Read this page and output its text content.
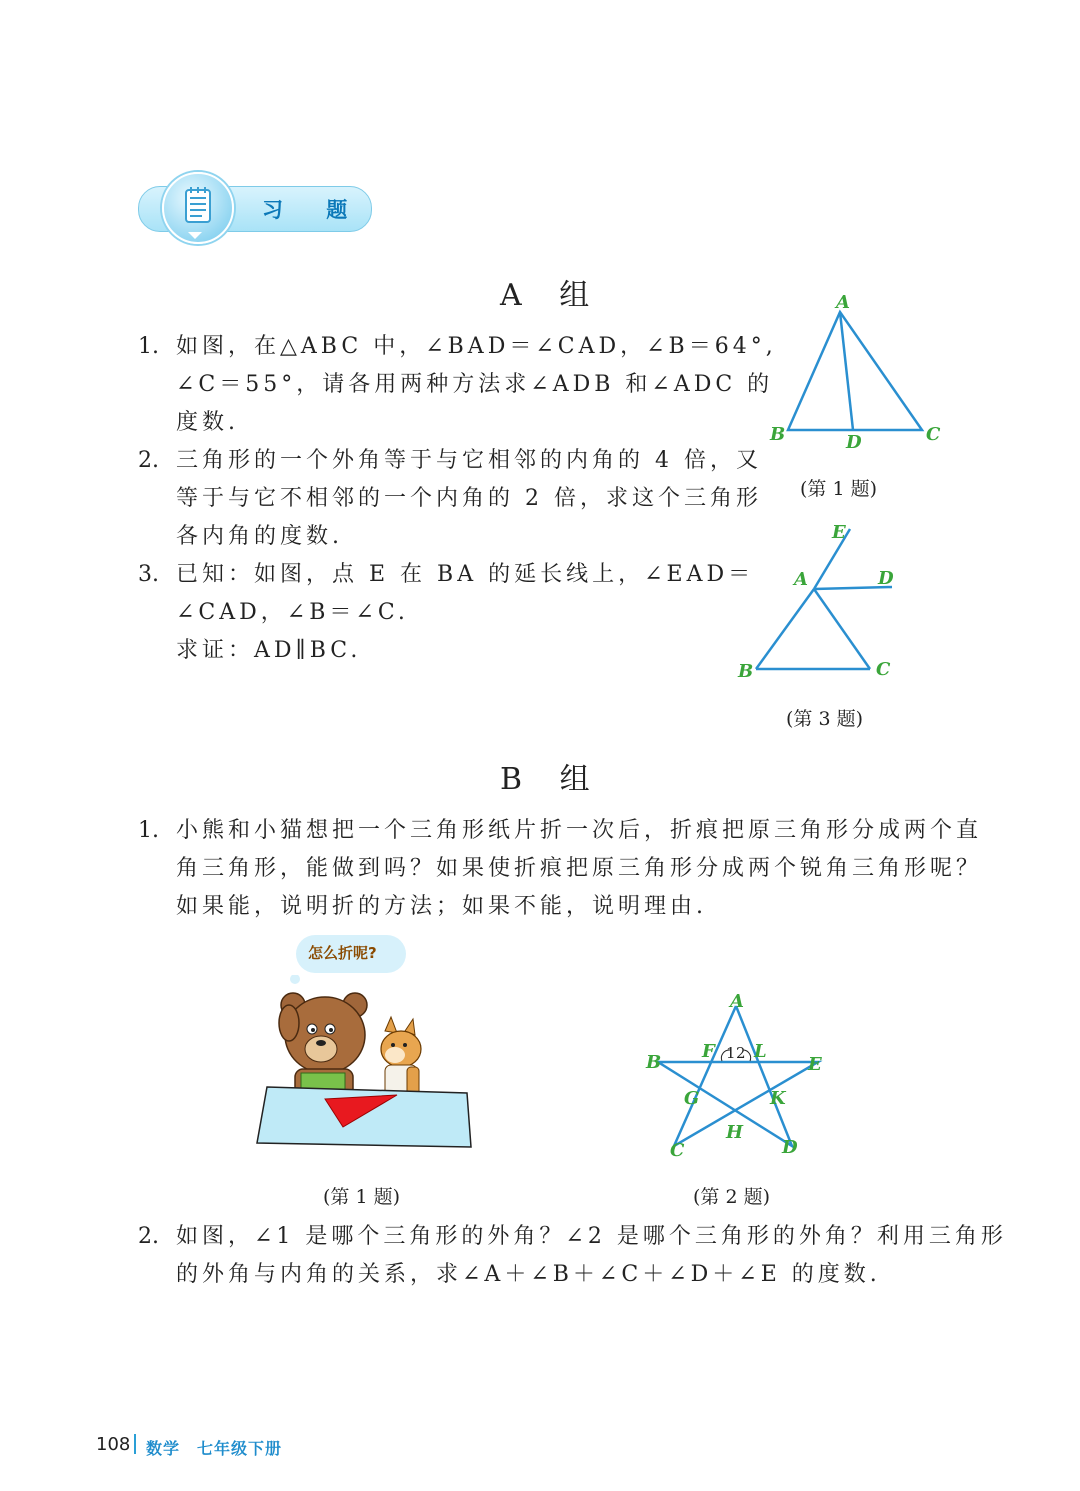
习 题
A 组
1. 如图，在△ABC 中，∠BAD＝∠CAD，∠B＝64°,
∠C＝55°，请各用两种方法求∠ADB 和∠ADC 的
度数.
2. 三角形的一个外角等于与它相邻的内角的 4 倍，又
等于与它不相邻的一个内角的 2 倍，求这个三角形
各内角的度数.
3. 已知：如图，点 E 在 BA 的延长线上，∠EAD＝
∠CAD，∠B＝∠C.
求证：AD∥BC.
A
B	D	C
(第 1 题)
E
A	D
B	C
(第 3 题)
B 组
1. 小熊和小猫想把一个三角形纸片折一次后，折痕把原三角形分成两个直
角三角形，能做到吗？如果使折痕把原三角形分成两个锐角三角形呢？
如果能，说明折的方法；如果不能，说明理由.
怎么折呢?
(第 1 题)
A
B	E
C	D
F L
G	K
H
1 2
(第 2 题)
2. 如图，∠1 是哪个三角形的外角？∠2 是哪个三角形的外角？利用三角形
的外角与内角的关系，求∠A＋∠B＋∠C＋∠D＋∠E 的度数.
108 数学　七年级下册
